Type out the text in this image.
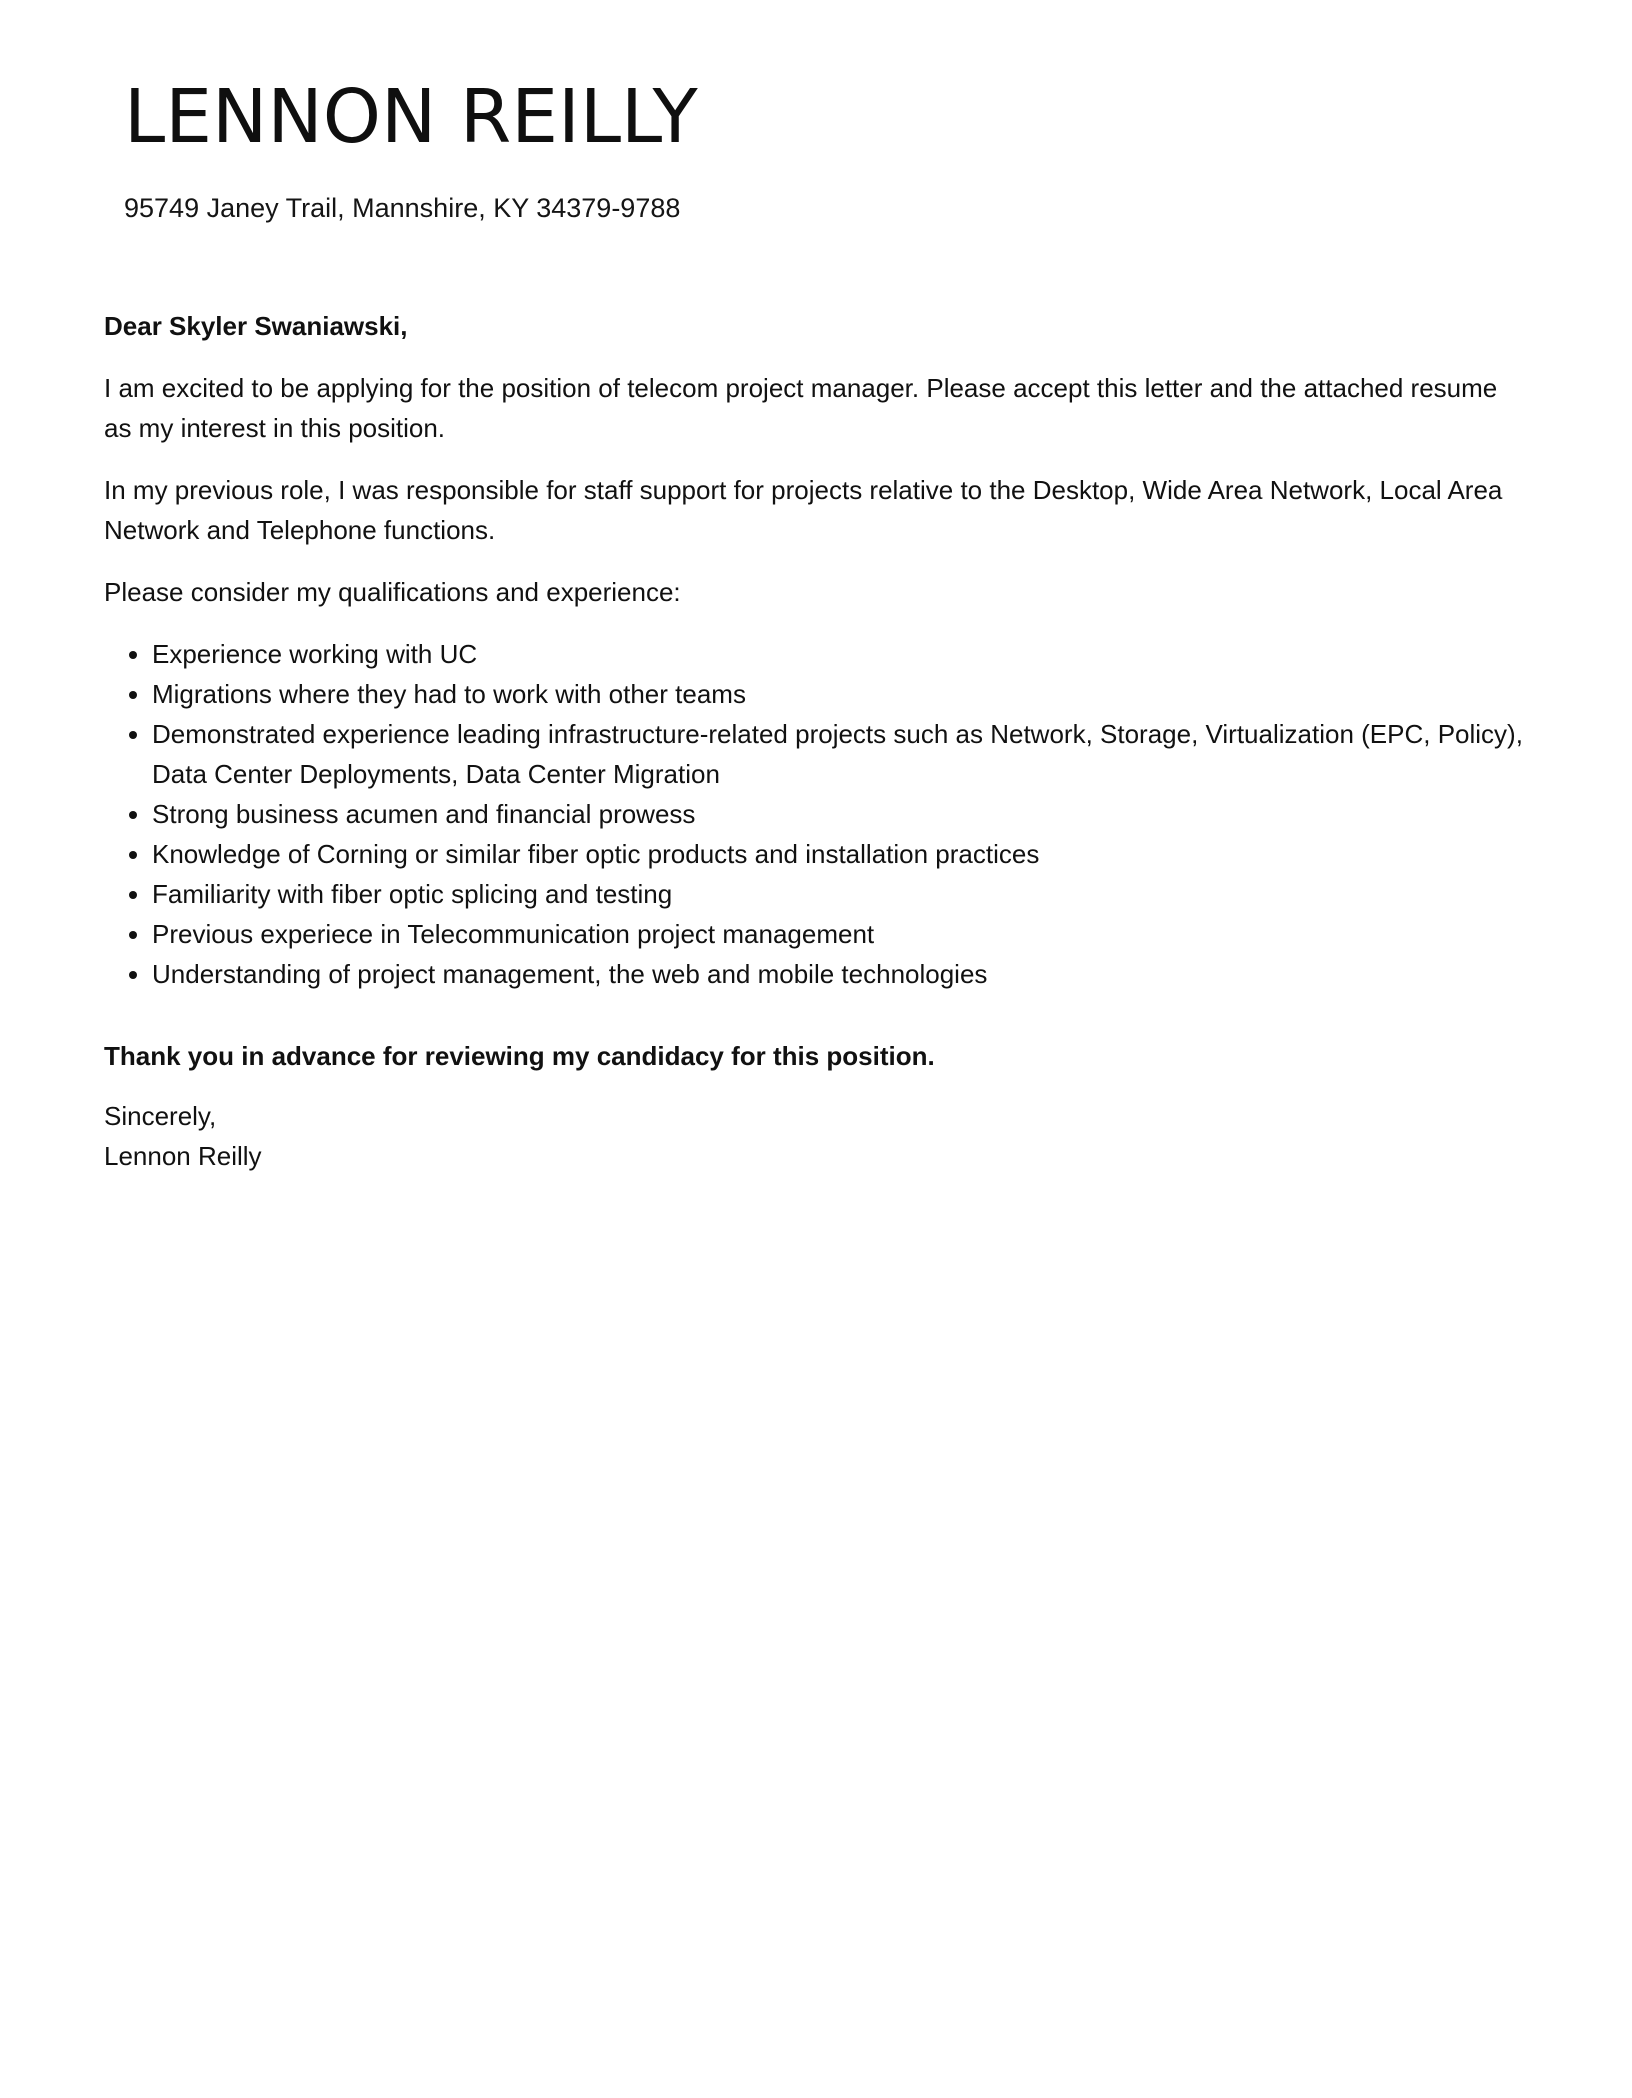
LENNON REILLY
95749 Janey Trail, Mannshire, KY 34379-9788

Dear Skyler Swaniawski,

I am excited to be applying for the position of telecom project manager. Please accept this letter and the attached resume as my interest in this position.

In my previous role, I was responsible for staff support for projects relative to the Desktop, Wide Area Network, Local Area Network and Telephone functions.

Please consider my qualifications and experience:

• Experience working with UC
• Migrations where they had to work with other teams
• Demonstrated experience leading infrastructure-related projects such as Network, Storage, Virtualization (EPC, Policy), Data Center Deployments, Data Center Migration
• Strong business acumen and financial prowess
• Knowledge of Corning or similar fiber optic products and installation practices
• Familiarity with fiber optic splicing and testing
• Previous experiece in Telecommunication project management
• Understanding of project management, the web and mobile technologies

Thank you in advance for reviewing my candidacy for this position.

Sincerely,

Lennon Reilly
